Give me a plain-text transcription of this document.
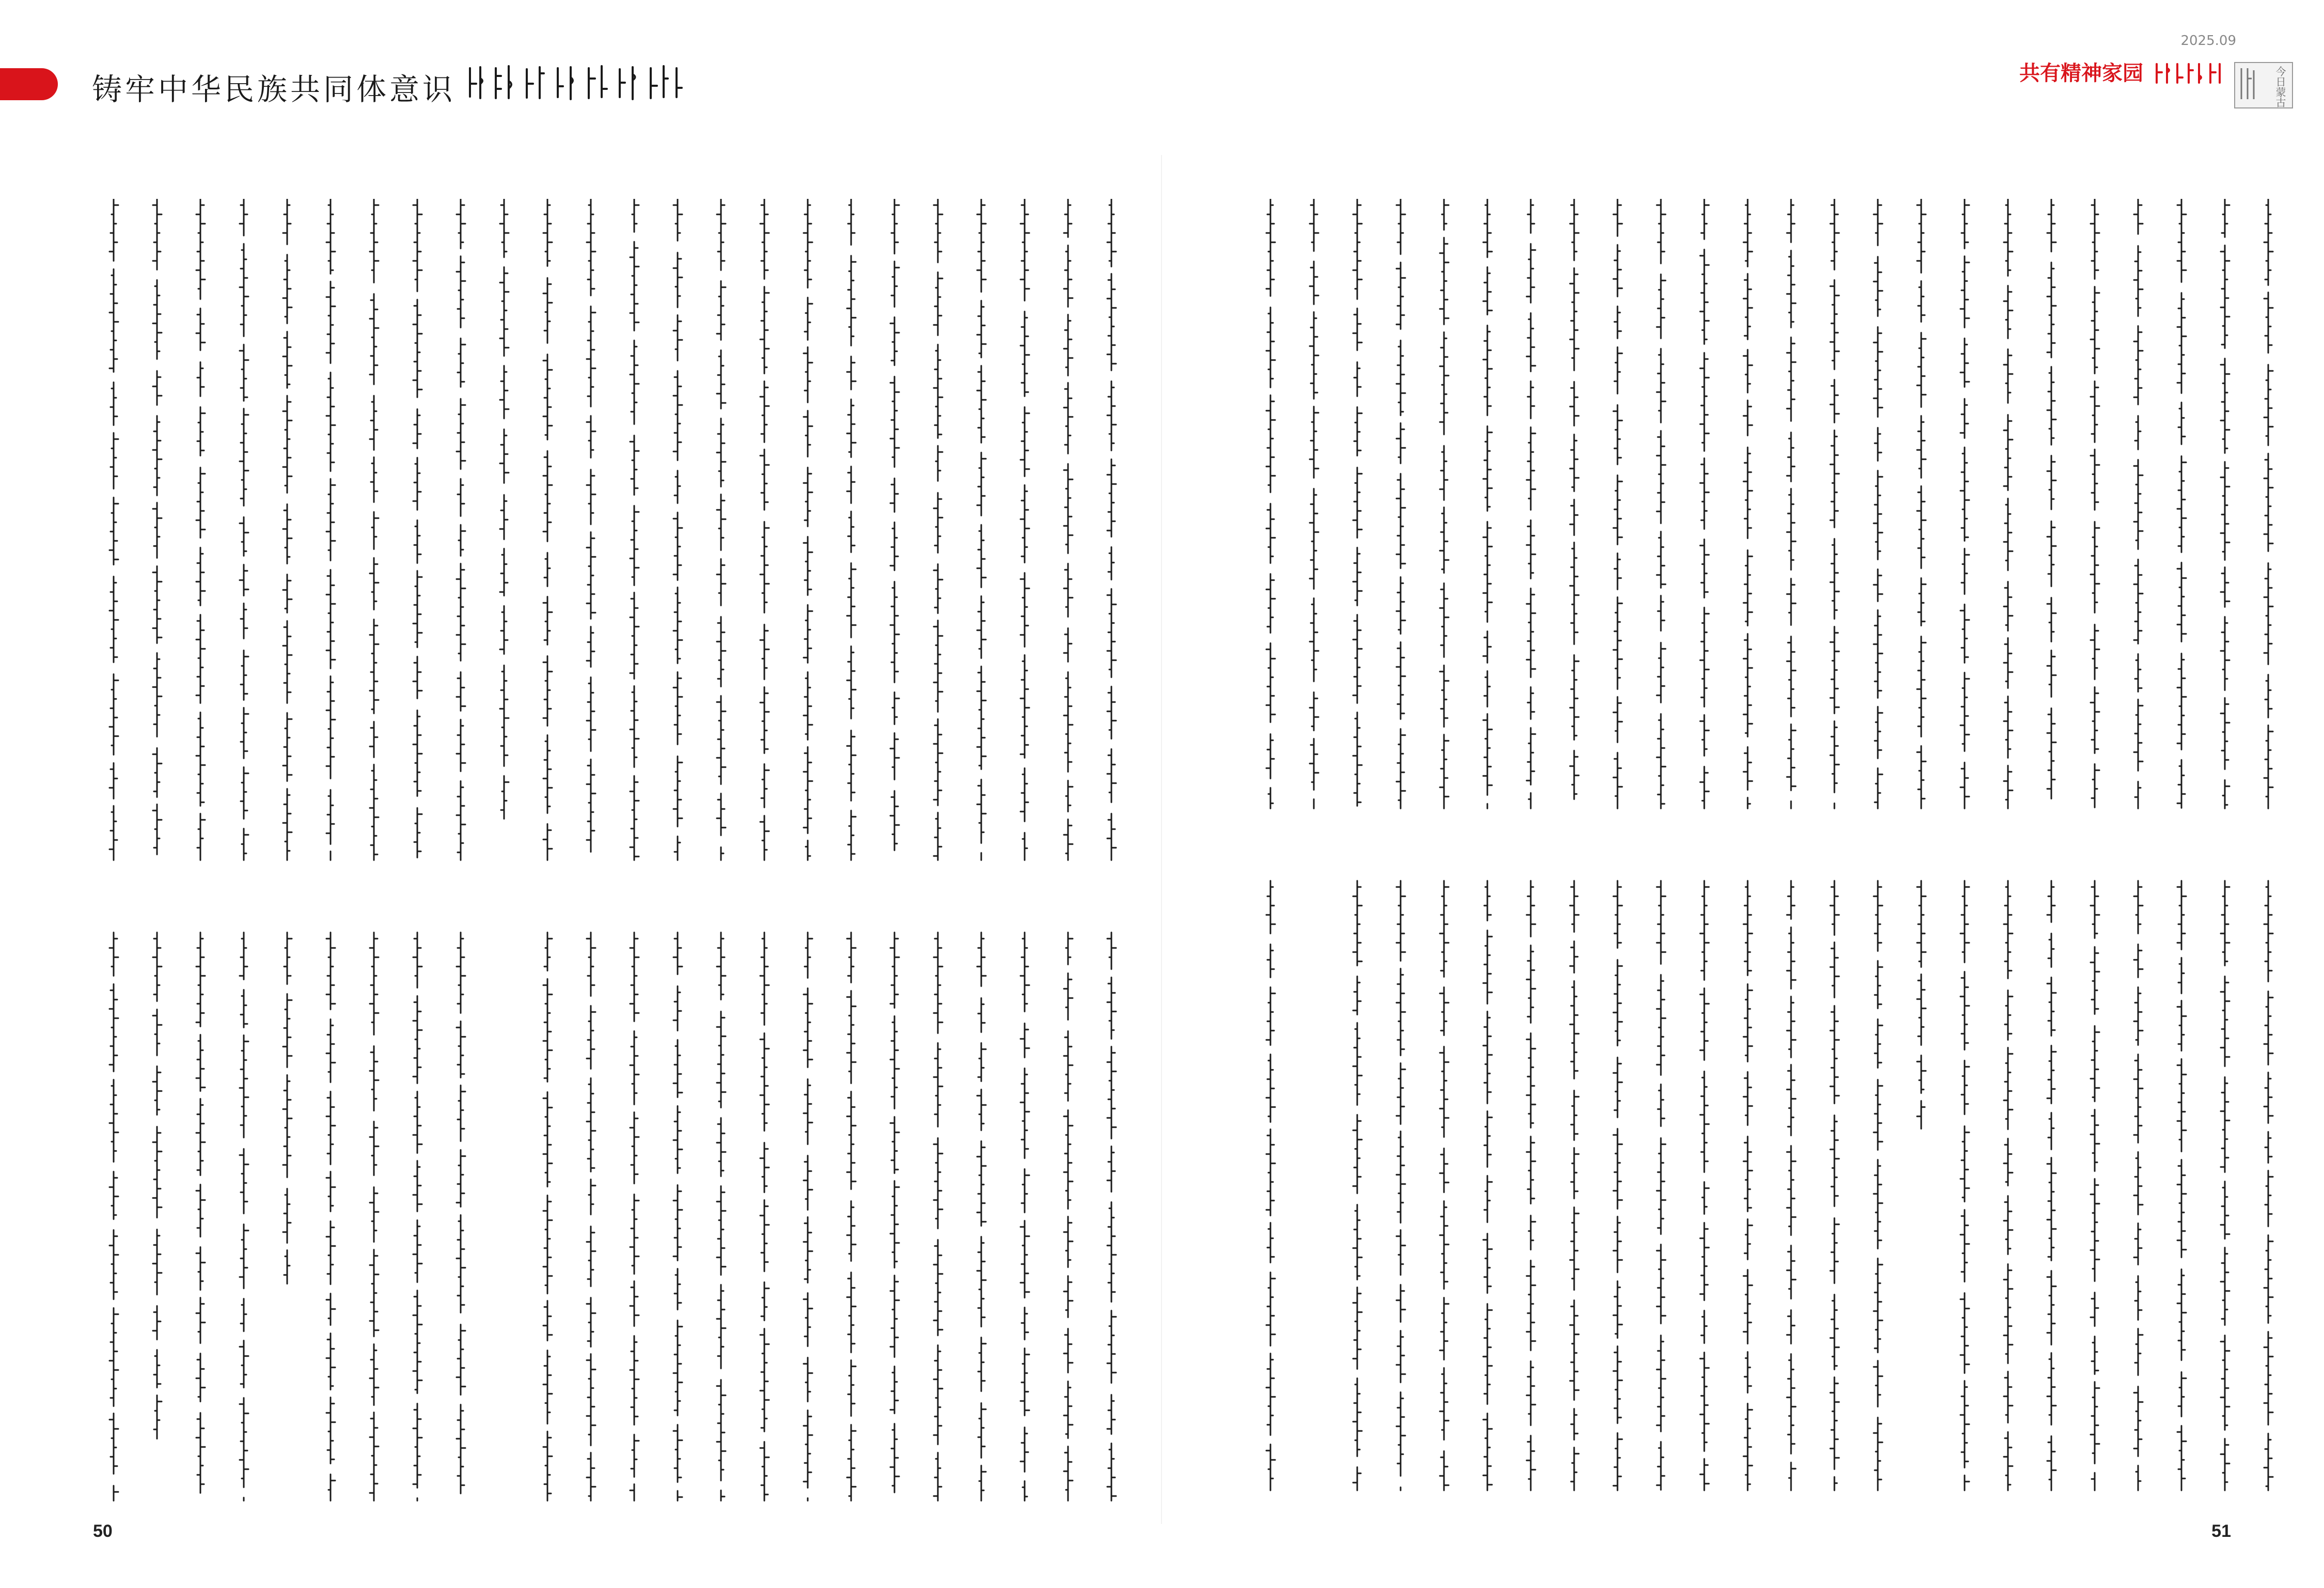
铸牢中华民族共同体意识	共有精神家园	今日蒙古
2025.09
50	51
